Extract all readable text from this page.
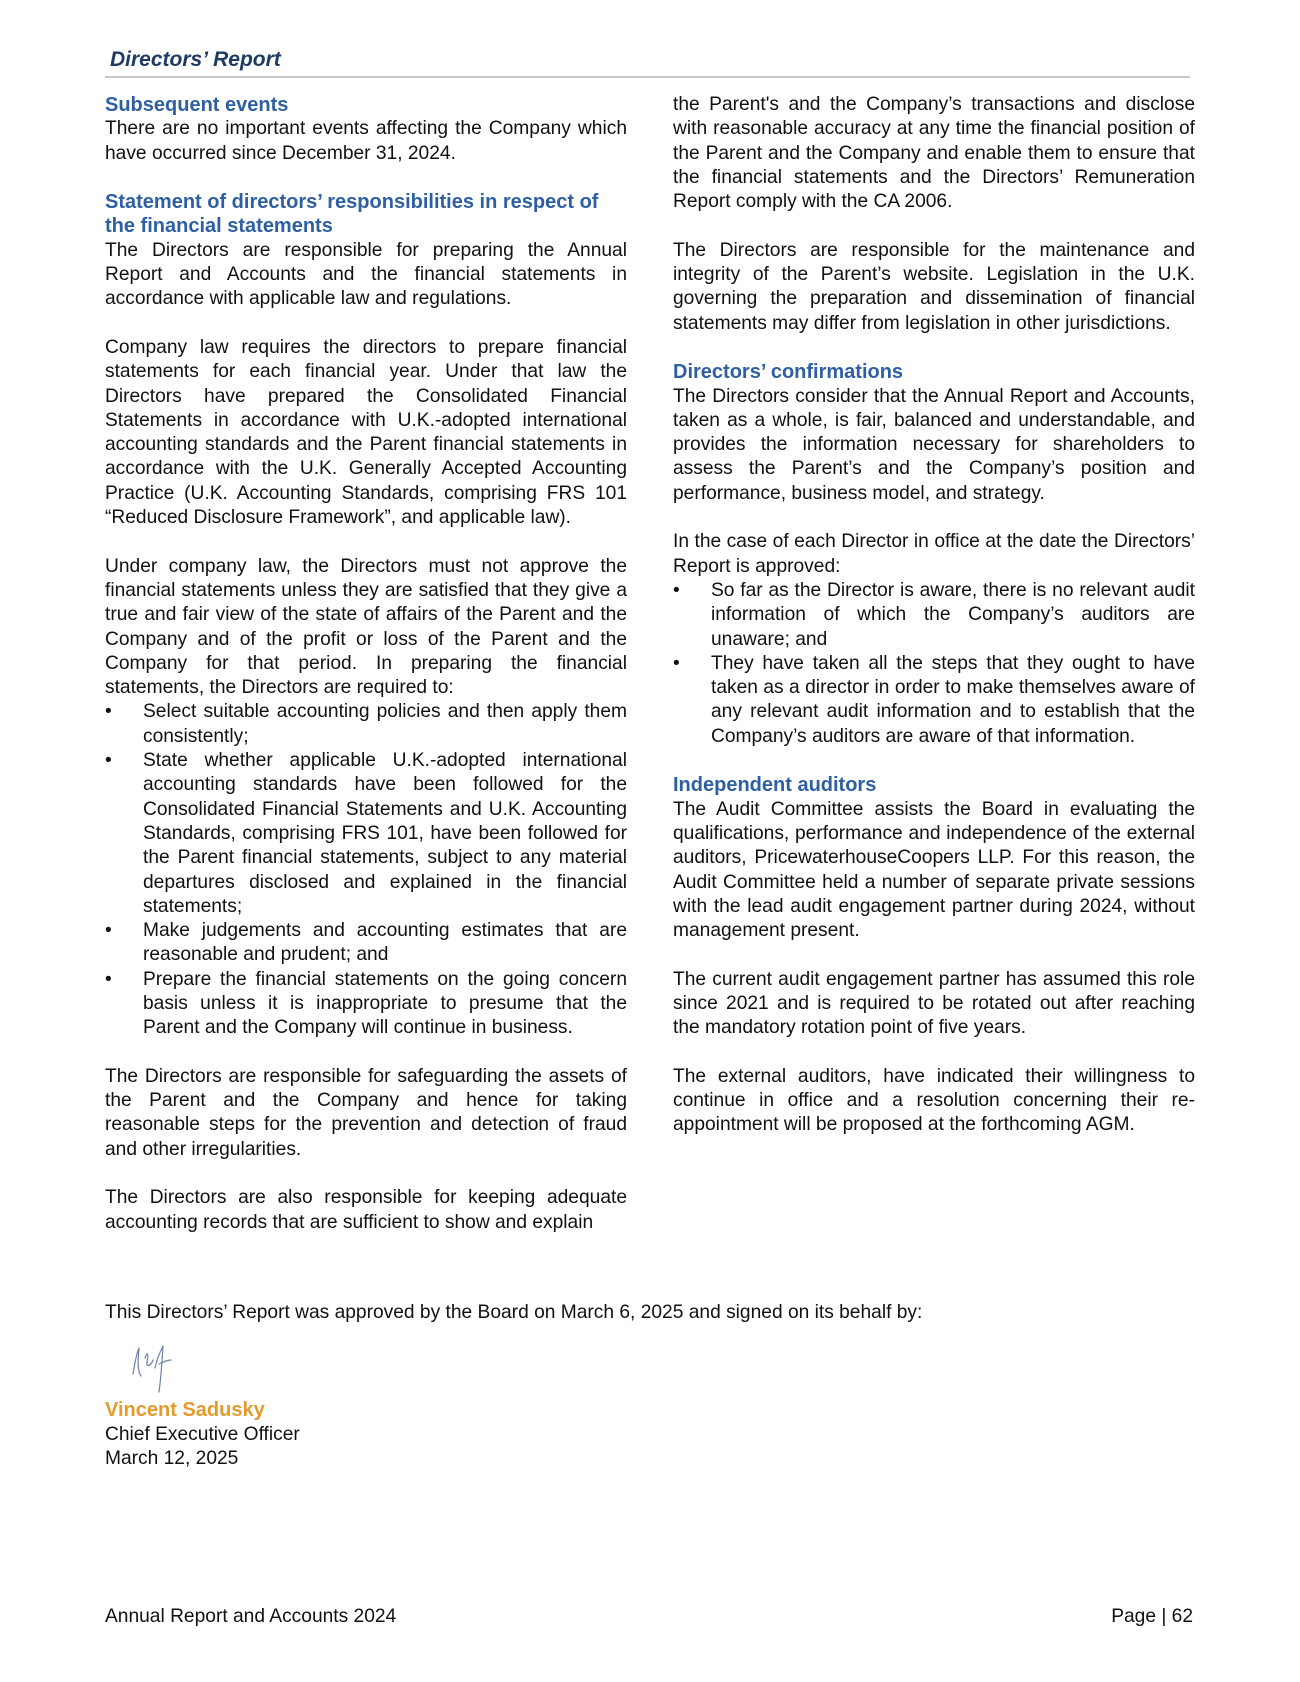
Directors’ Report
Subsequent events

There are no important events affecting the Company which have occurred since December 31, 2024.

Statement of directors’ responsibilities in respect of the financial statements

The Directors are responsible for preparing the Annual Report and Accounts and the financial statements in accordance with applicable law and regulations.

Company law requires the directors to prepare financial statements for each financial year. Under that law the Directors have prepared the Consolidated Financial Statements in accordance with U.K.-adopted international accounting standards and the Parent financial statements in accordance with the U.K. Generally Accepted Accounting Practice (U.K. Accounting Standards, comprising FRS 101 “Reduced Disclosure Framework”, and applicable law).

Under company law, the Directors must not approve the financial statements unless they are satisfied that they give a true and fair view of the state of affairs of the Parent and the Company and of the profit or loss of the Parent and the Company for that period. In preparing the financial statements, the Directors are required to:

• Select suitable accounting policies and then apply them consistently;
• State whether applicable U.K.-adopted international accounting standards have been followed for the Consolidated Financial Statements and U.K. Accounting Standards, comprising FRS 101, have been followed for the Parent financial statements, subject to any material departures disclosed and explained in the financial statements;
• Make judgements and accounting estimates that are reasonable and prudent; and
• Prepare the financial statements on the going concern basis unless it is inappropriate to presume that the Parent and the Company will continue in business.

The Directors are responsible for safeguarding the assets of the Parent and the Company and hence for taking reasonable steps for the prevention and detection of fraud and other irregularities.

The Directors are also responsible for keeping adequate accounting records that are sufficient to show and explain

the Parent's and the Company’s transactions and disclose with reasonable accuracy at any time the financial position of the Parent and the Company and enable them to ensure that the financial statements and the Directors’ Remuneration Report comply with the CA 2006.

The Directors are responsible for the maintenance and integrity of the Parent’s website. Legislation in the U.K. governing the preparation and dissemination of financial statements may differ from legislation in other jurisdictions.

Directors’ confirmations

The Directors consider that the Annual Report and Accounts, taken as a whole, is fair, balanced and understandable, and provides the information necessary for shareholders to assess the Parent’s and the Company’s position and performance, business model, and strategy.

In the case of each Director in office at the date the Directors’ Report is approved:

• So far as the Director is aware, there is no relevant audit information of which the Company’s auditors are unaware; and
• They have taken all the steps that they ought to have taken as a director in order to make themselves aware of any relevant audit information and to establish that the Company’s auditors are aware of that information.
Independent auditors

The Audit Committee assists the Board in evaluating the qualifications, performance and independence of the external auditors, PricewaterhouseCoopers LLP. For this reason, the Audit Committee held a number of separate private sessions with the lead audit engagement partner during 2024, without management present.

The current audit engagement partner has assumed this role since 2021 and is required to be rotated out after reaching the mandatory rotation point of five years.

The external auditors, have indicated their willingness to continue in office and a resolution concerning their re-appointment will be proposed at the forthcoming AGM.

This Directors’ Report was approved by the Board on March 6, 2025 and signed on its behalf by:
Vincent Sadusky
Chief Executive Officer
March 12, 2025
Annual Report and Accounts 2024	Page | 62
